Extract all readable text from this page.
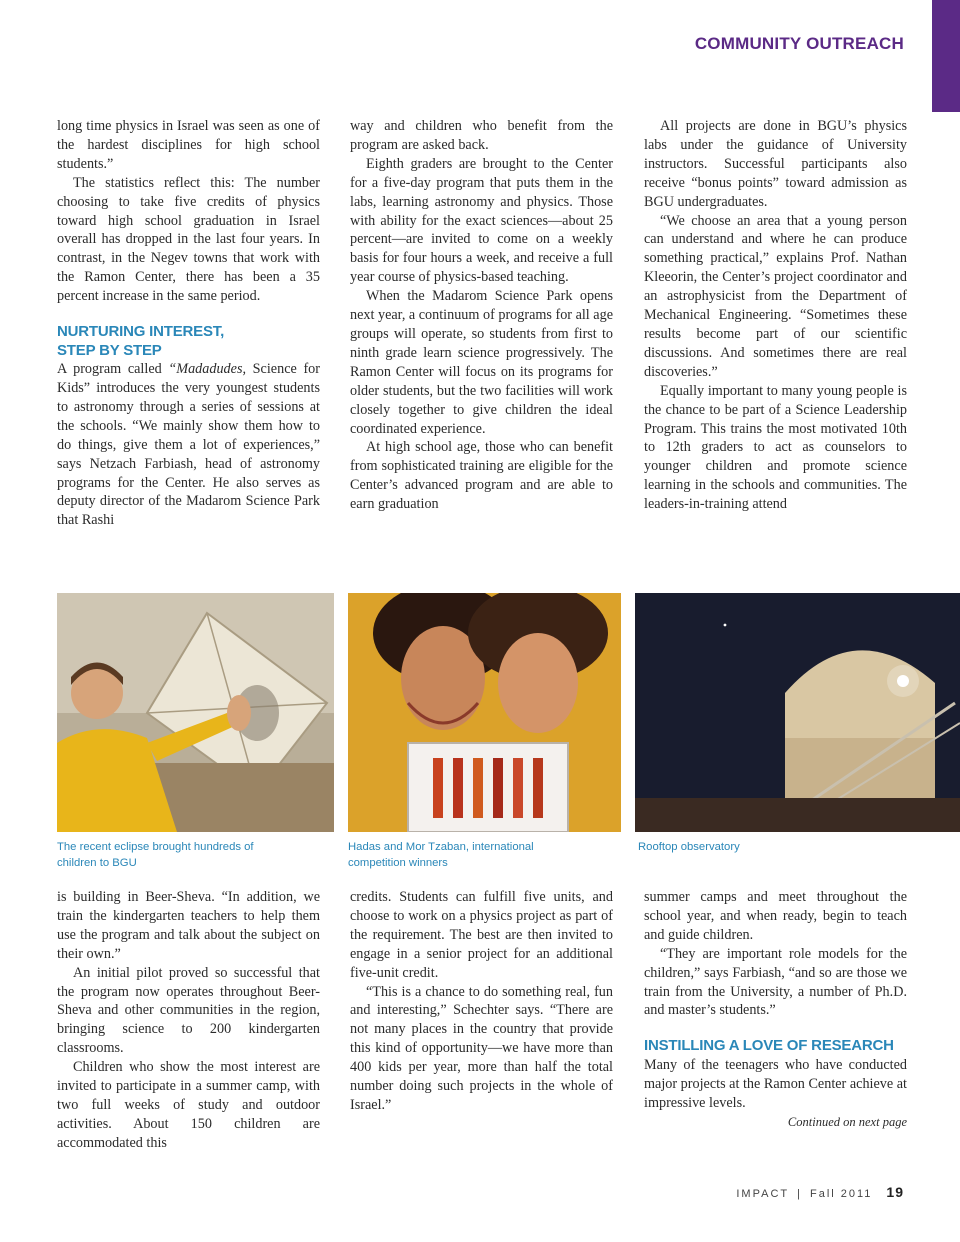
COMMUNITY OUTREACH

long time physics in Israel was seen as one of the hardest disciplines for high school students.”

The statistics reflect this: The number choosing to take five credits of physics toward high school graduation in Israel overall has dropped in the last four years. In contrast, in the Negev towns that work with the Ramon Center, there has been a 35 percent increase in the same period.

NURTURING INTEREST,
STEP BY STEP

A program called “Madadudes, Science for Kids” introduces the very youngest students to astronomy through a series of sessions at the schools. “We mainly show them how to do things, give them a lot of experiences,” says Netzach Farbiash, head of astronomy programs for the Center. He also serves as deputy director of the Madarom Science Park that Rashi

way and children who benefit from the program are asked back.

Eighth graders are brought to the Center for a five-day program that puts them in the labs, learning astronomy and physics. Those with ability for the exact sciences—about 25 percent—are invited to come on a weekly basis for four hours a week, and receive a full year course of physics-based teaching.

When the Madarom Science Park opens next year, a continuum of programs for all age groups will operate, so students from first to ninth grade learn science progressively. The Ramon Center will focus on its programs for older students, but the two facilities will work closely together to give children the ideal coordinated experience.

At high school age, those who can benefit from sophisticated training are eligible for the Center’s advanced program and are able to earn graduation

All projects are done in BGU’s physics labs under the guidance of University instructors. Successful participants also receive “bonus points” toward admission as BGU undergraduates.

“We choose an area that a young person can understand and where he can produce something practical,” explains Prof. Nathan Kleeorin, the Center’s project coordinator and an astrophysicist from the Department of Mechanical Engineering. “Sometimes these results become part of our scientific discussions. And sometimes there are real discoveries.”

Equally important to many young people is the chance to be part of a Science Leadership Program. This trains the most motivated 10th to 12th graders to act as counselors to younger children and promote science learning in the schools and communities. The leaders-in-training attend

The recent eclipse brought hundreds of children to BGU
Hadas and Mor Tzaban, international competition winners
Rooftop observatory

is building in Beer-Sheva. “In addition, we train the kindergarten teachers to help them use the program and talk about the subject on their own.”

An initial pilot proved so successful that the program now operates throughout Beer-Sheva and other communities in the region, bringing science to 200 kindergarten classrooms.

Children who show the most interest are invited to participate in a summer camp, with two full weeks of study and outdoor activities. About 150 children are accommodated this

credits. Students can fulfill five units, and choose to work on a physics project as part of the requirement. The best are then invited to engage in a senior project for an additional five-unit credit.

“This is a chance to do something real, fun and interesting,” Schechter says. “There are not many places in the country that provide this kind of opportunity—we have more than 400 kids per year, more than half the total number doing such projects in the whole of Israel.”

summer camps and meet throughout the school year, and when ready, begin to teach and guide children.

“They are important role models for the children,” says Farbiash, “and so are those we train from the University, a number of Ph.D. and master’s students.”

INSTILLING A LOVE OF RESEARCH

Many of the teenagers who have conducted major projects at the Ramon Center achieve at impressive levels.

Continued on next page

IMPACT | Fall 2011 19
